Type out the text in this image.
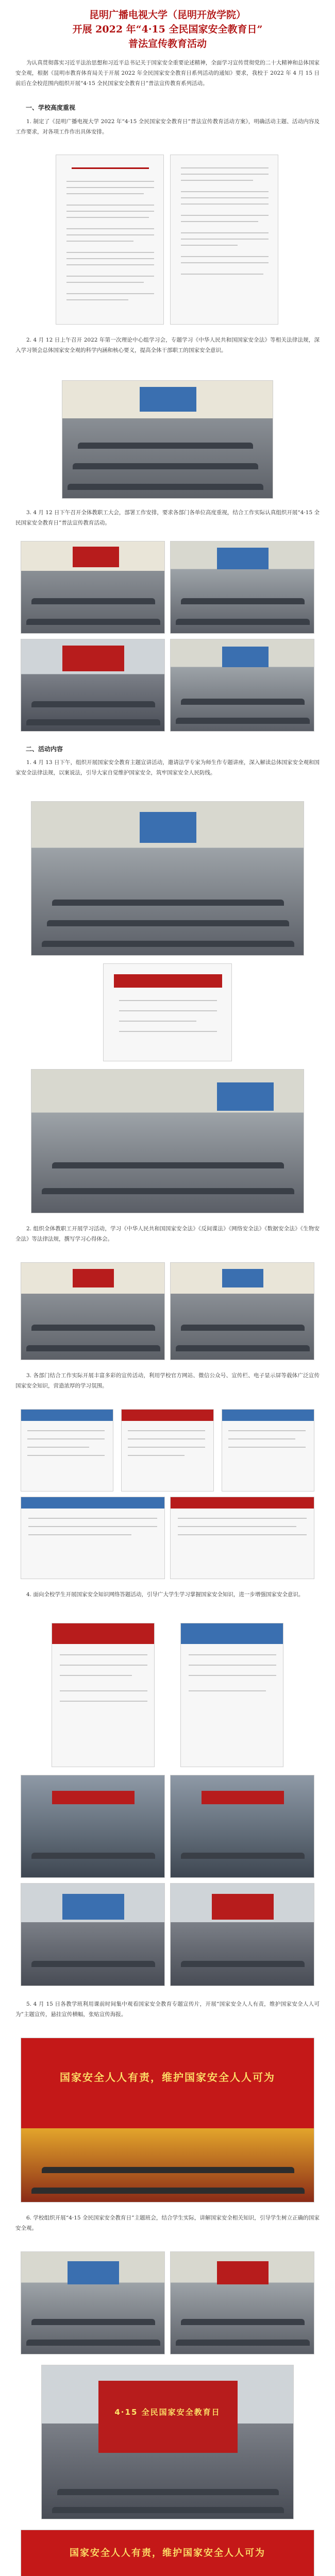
昆明广播电视大学（昆明开放学院）
开展 2022 年“4·15 全民国家安全教育日”
普法宣传教育活动
为认真贯彻落实习近平法治思想和习近平总书记关于国家安全重要论述精神，全面学习宣传贯彻党的二十大精神和总体国家安全观，根据《昆明市教育体育局关于开展 2022 年全民国家安全教育日系列活动的通知》要求，我校于 2022 年 4 月 15 日前后在全校范围内组织开展“4·15 全民国家安全教育日”普法宣传教育系列活动。
一、学校高度重视
1. 制定了《昆明广播电视大学 2022 年“4·15 全民国家安全教育日”普法宣传教育活动方案》，明确活动主题、活动内容及工作要求，对各项工作作出具体安排。
2. 4 月 12 日上午召开 2022 年第一次理论中心组学习会，专题学习《中华人民共和国国家安全法》等相关法律法规，深入学习领会总体国家安全观的科学内涵和核心要义，提高全体干部职工的国家安全意识。
3. 4 月 12 日下午召开全体教职工大会，部署工作安排，要求各部门各单位高度重视，结合工作实际认真组织开展“4·15 全民国家安全教育日”普法宣传教育活动。
二、活动内容
1. 4 月 13 日下午，组织开展国家安全教育主题宣讲活动，邀请法学专家为师生作专题讲座，深入解读总体国家安全观和国家安全法律法规，以案说法，引导大家自觉维护国家安全，筑牢国家安全人民防线。
2. 组织全体教职工开展学习活动，学习《中华人民共和国国家安全法》《反间谍法》《网络安全法》《数据安全法》《生物安全法》等法律法规，撰写学习心得体会。
3. 各部门结合工作实际开展丰富多彩的宣传活动，利用学校官方网站、微信公众号、宣传栏、电子显示屏等载体广泛宣传国家安全知识，营造浓厚的学习氛围。
4. 面向全校学生开展国家安全知识网络答题活动，引导广大学生学习掌握国家安全知识，进一步增强国家安全意识。
5. 4 月 15 日各教学班利用课前时间集中观看国家安全教育专题宣传片，开展“国家安全人人有责，维护国家安全人人可为”主题宣传，悬挂宣传横幅，张贴宣传海报。
国家安全人人有责，维护国家安全人人可为
6. 学校组织开展“4·15 全民国家安全教育日”主题班会，结合学生实际，讲解国家安全相关知识，引导学生树立正确的国家安全观。
4·15 全民国家安全教育日
国家安全人人有责，维护国家安全人人可为
